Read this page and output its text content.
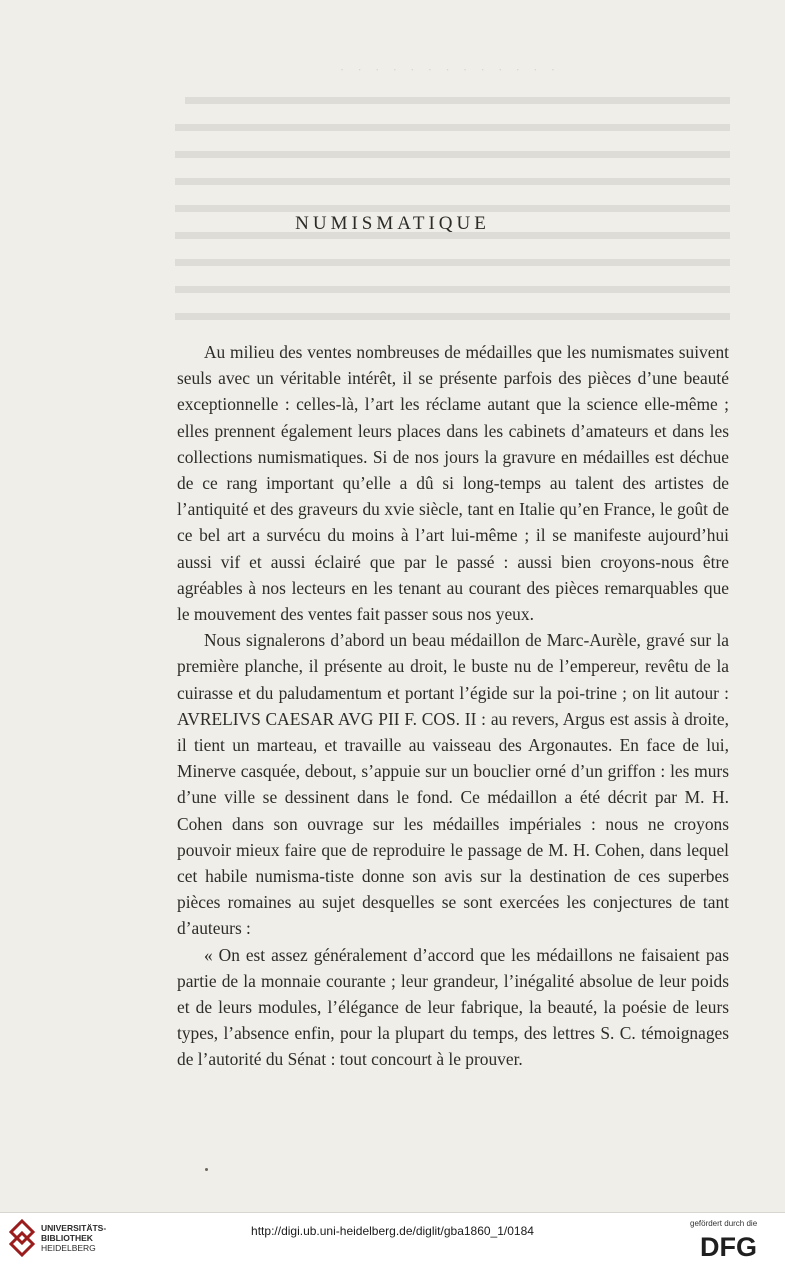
· · · · · · · · · · · · ·
NUMISMATIQUE

Au milieu des ventes nombreuses de médailles que les numismates suivent seuls avec un véritable intérêt, il se présente parfois des pièces d’une beauté exceptionnelle : celles-là, l’art les réclame autant que la science elle-même ; elles prennent également leurs places dans les cabinets d’amateurs et dans les collections numismatiques. Si de nos jours la gravure en médailles est déchue de ce rang important qu’elle a dû si long-temps au talent des artistes de l’antiquité et des graveurs du xvie siècle, tant en Italie qu’en France, le goût de ce bel art a survécu du moins à l’art lui-même ; il se manifeste aujourd’hui aussi vif et aussi éclairé que par le passé : aussi bien croyons-nous être agréables à nos lecteurs en les tenant au courant des pièces remarquables que le mouvement des ventes fait passer sous nos yeux.

Nous signalerons d’abord un beau médaillon de Marc-Aurèle, gravé sur la première planche, il présente au droit, le buste nu de l’empereur, revêtu de la cuirasse et du paludamentum et portant l’égide sur la poi-trine ; on lit autour : AVRELIVS CAESAR AVG PII F. COS. II : au revers, Argus est assis à droite, il tient un marteau, et travaille au vaisseau des Argonautes. En face de lui, Minerve casquée, debout, s’appuie sur un bouclier orné d’un griffon : les murs d’une ville se dessinent dans le fond. Ce médaillon a été décrit par M. H. Cohen dans son ouvrage sur les médailles impériales : nous ne croyons pouvoir mieux faire que de reproduire le passage de M. H. Cohen, dans lequel cet habile numisma-tiste donne son avis sur la destination de ces superbes pièces romaines au sujet desquelles se sont exercées les conjectures de tant d’auteurs :

« On est assez généralement d’accord que les médaillons ne faisaient pas partie de la monnaie courante ; leur grandeur, l’inégalité absolue de leur poids et de leurs modules, l’élégance de leur fabrique, la beauté, la poésie de leurs types, l’absence enfin, pour la plupart du temps, des lettres S. C. témoignages de l’autorité du Sénat : tout concourt à le prouver.

UNIVERSITÄTS-
BIBLIOTHEK
HEIDELBERG
http://digi.ub.uni-heidelberg.de/diglit/gba1860_1/0184
gefördert durch die
DFG
